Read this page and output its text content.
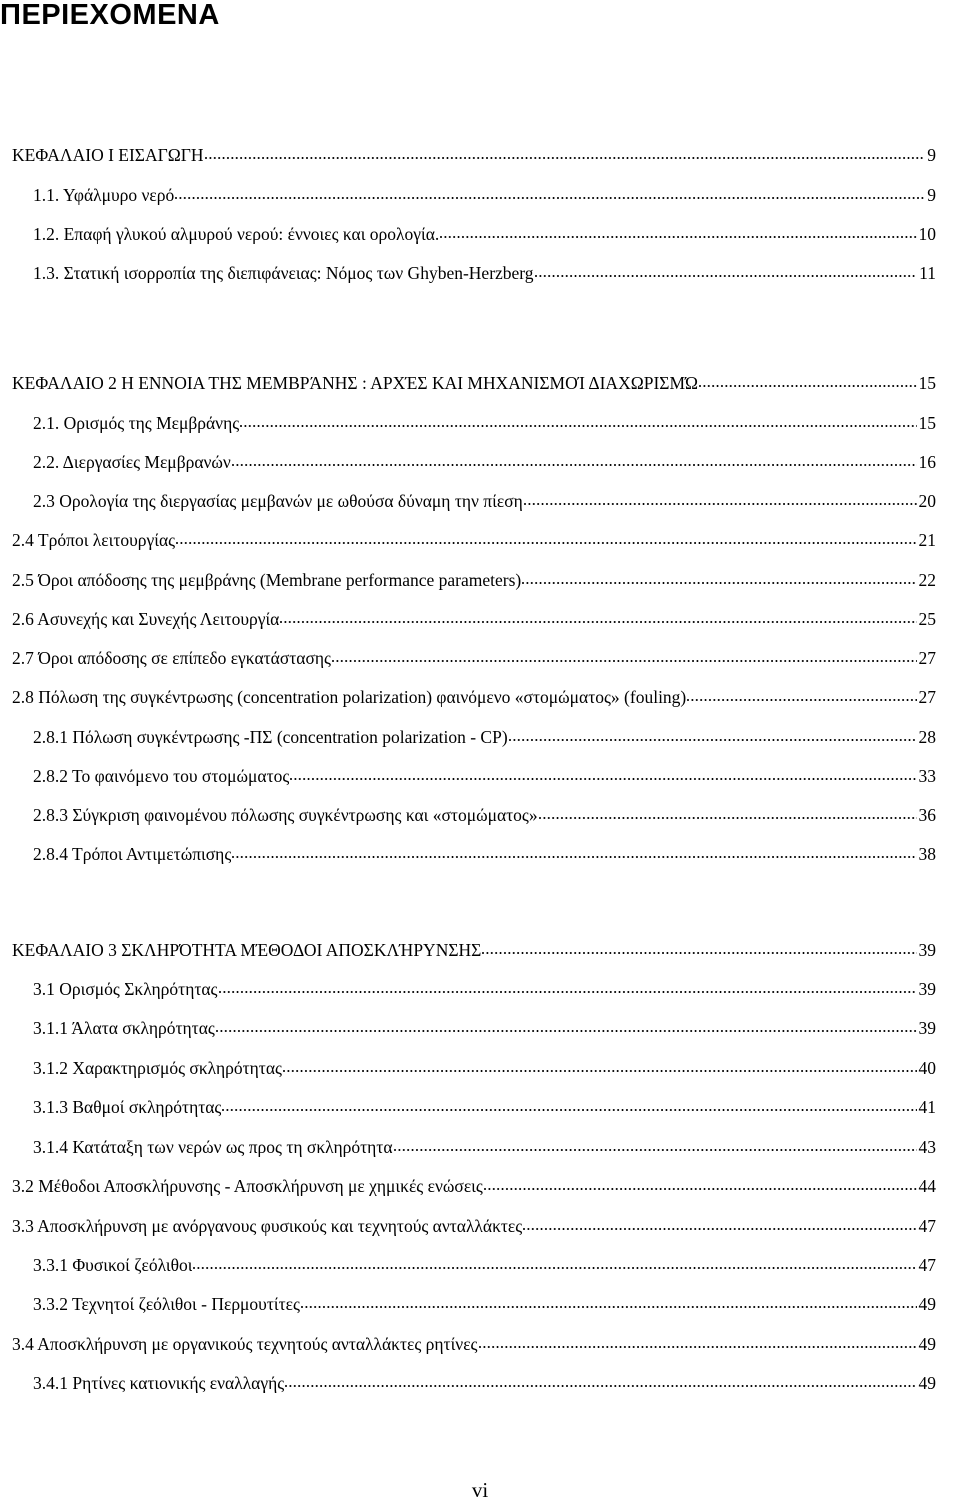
ΠΕΡΙΕΧΟΜΕΝΑ
ΚΕΦΑΛΑΙΟ Ι ΕΙΣΑΓΩΓΗ	9
1.1. Υφάλμυρο νερό	9
1.2. Επαφή γλυκού αλμυρού νερού: έννοιες και ορολογία.	10
1.3. Στατική ισορροπία της διεπιφάνειας: Νόμος των Ghyben-Herzberg	11
ΚΕΦΑΛΑΙΟ 2 Η ΕΝΝΟΙΑ ΤΗΣ ΜΕΜΒΡΆΝΗΣ : ΑΡΧΈΣ ΚΑΙ ΜΗΧΑΝΙΣΜΟΊ ΔΙΑΧΩΡΙΣΜΏ	15
2.1. Ορισμός της Μεμβράνης	15
2.2. Διεργασίες Μεμβρανών	16
2.3 Ορολογία της διεργασίας μεμβανών με ωθούσα δύναμη την πίεση	20
2.4 Τρόποι λειτουργίας	21
2.5 Όροι απόδοσης της μεμβράνης (Membrane performance parameters)	22
2.6 Ασυνεχής και Συνεχής Λειτουργία	25
2.7 Όροι απόδοσης σε επίπεδο εγκατάστασης	27
2.8 Πόλωση της συγκέντρωσης (concentration polarization) φαινόμενο «στομώματος» (fouling)	27
2.8.1 Πόλωση συγκέντρωσης -ΠΣ (concentration polarization - CP)	28
2.8.2 Το φαινόμενο του στομώματος	33
2.8.3 Σύγκριση φαινομένου πόλωσης συγκέντρωσης και «στομώματος»	36
2.8.4 Τρόποι Αντιμετώπισης	38
ΚΕΦΑΛΑΙΟ 3 ΣΚΛΗΡΌΤΗΤΑ ΜΈΘΟΔΟΙ ΑΠΟΣΚΛΉΡΥΝΣΗΣ	39
3.1 Ορισμός Σκληρότητας	39
3.1.1 Άλατα σκληρότητας	39
3.1.2 Χαρακτηρισμός σκληρότητας	40
3.1.3 Βαθμοί σκληρότητας	41
3.1.4 Κατάταξη των νερών ως προς τη σκληρότητα	43
3.2 Μέθοδοι Αποσκλήρυνσης - Αποσκλήρυνση με χημικές ενώσεις	44
3.3 Αποσκλήρυνση με ανόργανους φυσικούς και τεχνητούς ανταλλάκτες	47
3.3.1 Φυσικοί ζεόλιθοι	47
3.3.2 Τεχνητοί ζεόλιθοι - Περμουτίτες	49
3.4 Αποσκλήρυνση με οργανικούς τεχνητούς ανταλλάκτες ρητίνες	49
3.4.1 Ρητίνες κατιονικής εναλλαγής	49
vi
